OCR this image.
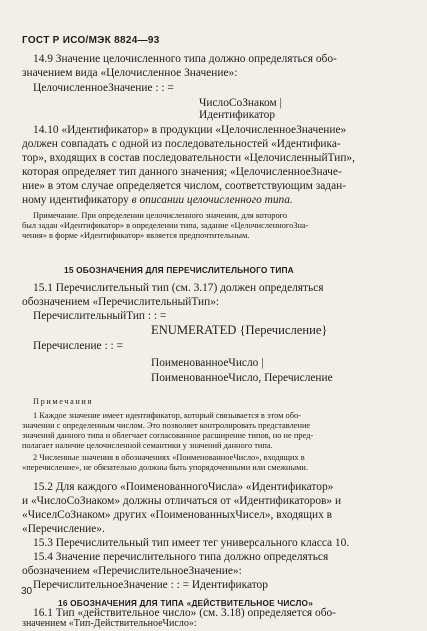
ГОСТ Р ИСО/МЭК 8824—93
14.9 Значение целочисленного типа должно определяться обо-
значением вида «Целочисленное Значение»:
ЦелочисленноеЗначение : : =
ЧислоСоЗнаком |
Идентификатор
14.10 «Идентификатор» в продукции «ЦелочисленноеЗначение»
должен совпадать с одной из последовательностей «Идентифика-
тор», входящих в состав последовательности «ЦелочисленныйТип»,
которая определяет тип данного значения; «ЦелочисленноеЗначе-
ние» в этом случае определяется числом, соответствующим задан-
ному идентификатору в описании целочисленного типа.
Примечание. При определении целочисленного значения, для которого
был задан «Идентификатор» в определении типа, задание «ЦелочисленногоЗна-
чения» в форме «Идентификатор» является предпочтительным.
15 ОБОЗНАЧЕНИЯ ДЛЯ ПЕРЕЧИСЛИТЕЛЬНОГО ТИПА
15.1 Перечислительный тип (см. 3.17) должен определяться
обозначением «ПеречислительныйТип»:
ПеречислительныйТип : : =
ENUMERATED {Перечисление}
Перечисление : : =
ПоименованноеЧисло |
ПоименованноеЧисло, Перечисление
Примечания
1 Каждое значение имеет идентификатор, который связывается в этом обо-
значении с определенным числом. Это позволяет контролировать представление
значений данного типа и облегчает согласованное расширение типов, но не пред-
полагает наличие целочисленной семантики у значений данного типа.
2 Численные значения в обозначениях «ПоименованноеЧисло», входящих в
«перечисление», не обязательно должны быть упорядоченными или смежными.
15.2 Для каждого «ПоименованногоЧисла» «Идентификатор»
и «ЧислоСоЗнаком» должны отличаться от «Идентификаторов» и
«ЧиселСоЗнаком» других «ПоименованныхЧисел», входящих в
«Перечисление».
15.3 Перечислительный тип имеет тег универсального класса 10.
15.4 Значение перечислительного типа должно определяться
обозначением «ПеречислительноеЗначение»:
ПеречислительноеЗначение : : = Идентификатор
16 ОБОЗНАЧЕНИЯ ДЛЯ ТИПА «ДЕЙСТВИТЕЛЬНОЕ ЧИСЛО»
16.1 Тип «действительное число» (см. 3.18) определяется обо-
значением «Тип-ДействительноеЧисло»:
30
